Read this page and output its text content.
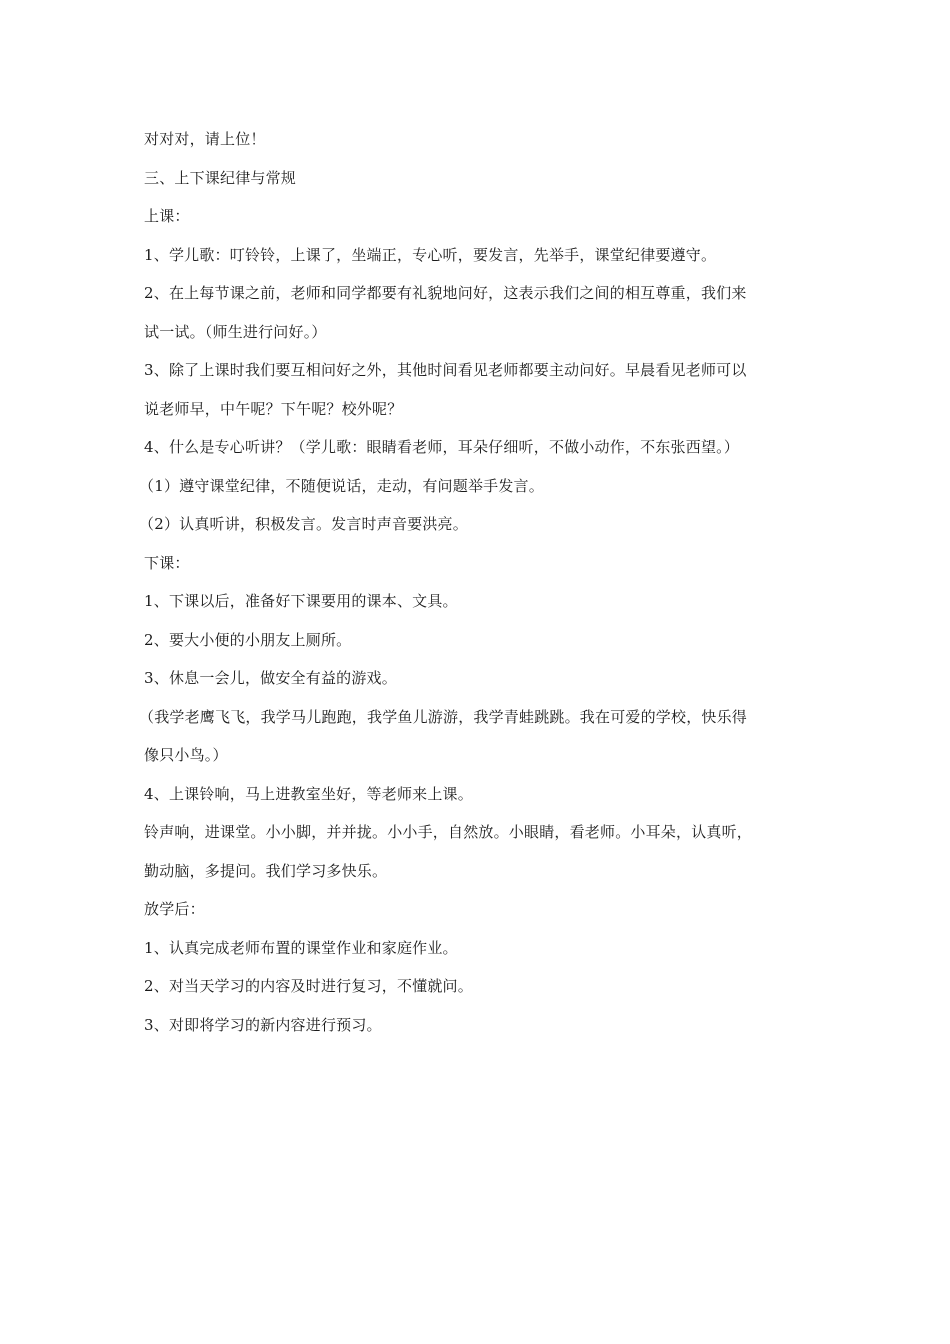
对对对，请上位！
三、上下课纪律与常规
上课：
1、学儿歌：叮铃铃，上课了，坐端正，专心听，要发言，先举手，课堂纪律要遵守。
2、在上每节课之前，老师和同学都要有礼貌地问好，这表示我们之间的相互尊重，我们来
试一试。（师生进行问好。）
3、除了上课时我们要互相问好之外，其他时间看见老师都要主动问好。早晨看见老师可以
说老师早，中午呢？下午呢？校外呢？
4、什么是专心听讲？（学儿歌：眼睛看老师，耳朵仔细听，不做小动作，不东张西望。）
（1）遵守课堂纪律，不随便说话，走动，有问题举手发言。
（2）认真听讲，积极发言。发言时声音要洪亮。
下课：
1、下课以后，准备好下课要用的课本、文具。
2、要大小便的小朋友上厕所。
3、休息一会儿，做安全有益的游戏。
（我学老鹰飞飞，我学马儿跑跑，我学鱼儿游游，我学青蛙跳跳。我在可爱的学校，快乐得
像只小鸟。）
4、上课铃响，马上进教室坐好，等老师来上课。
铃声响，进课堂。小小脚，并并拢。小小手，自然放。小眼睛，看老师。小耳朵，认真听，
勤动脑，多提问。我们学习多快乐。
放学后：
1、认真完成老师布置的课堂作业和家庭作业。
2、对当天学习的内容及时进行复习，不懂就问。
3、对即将学习的新内容进行预习。
